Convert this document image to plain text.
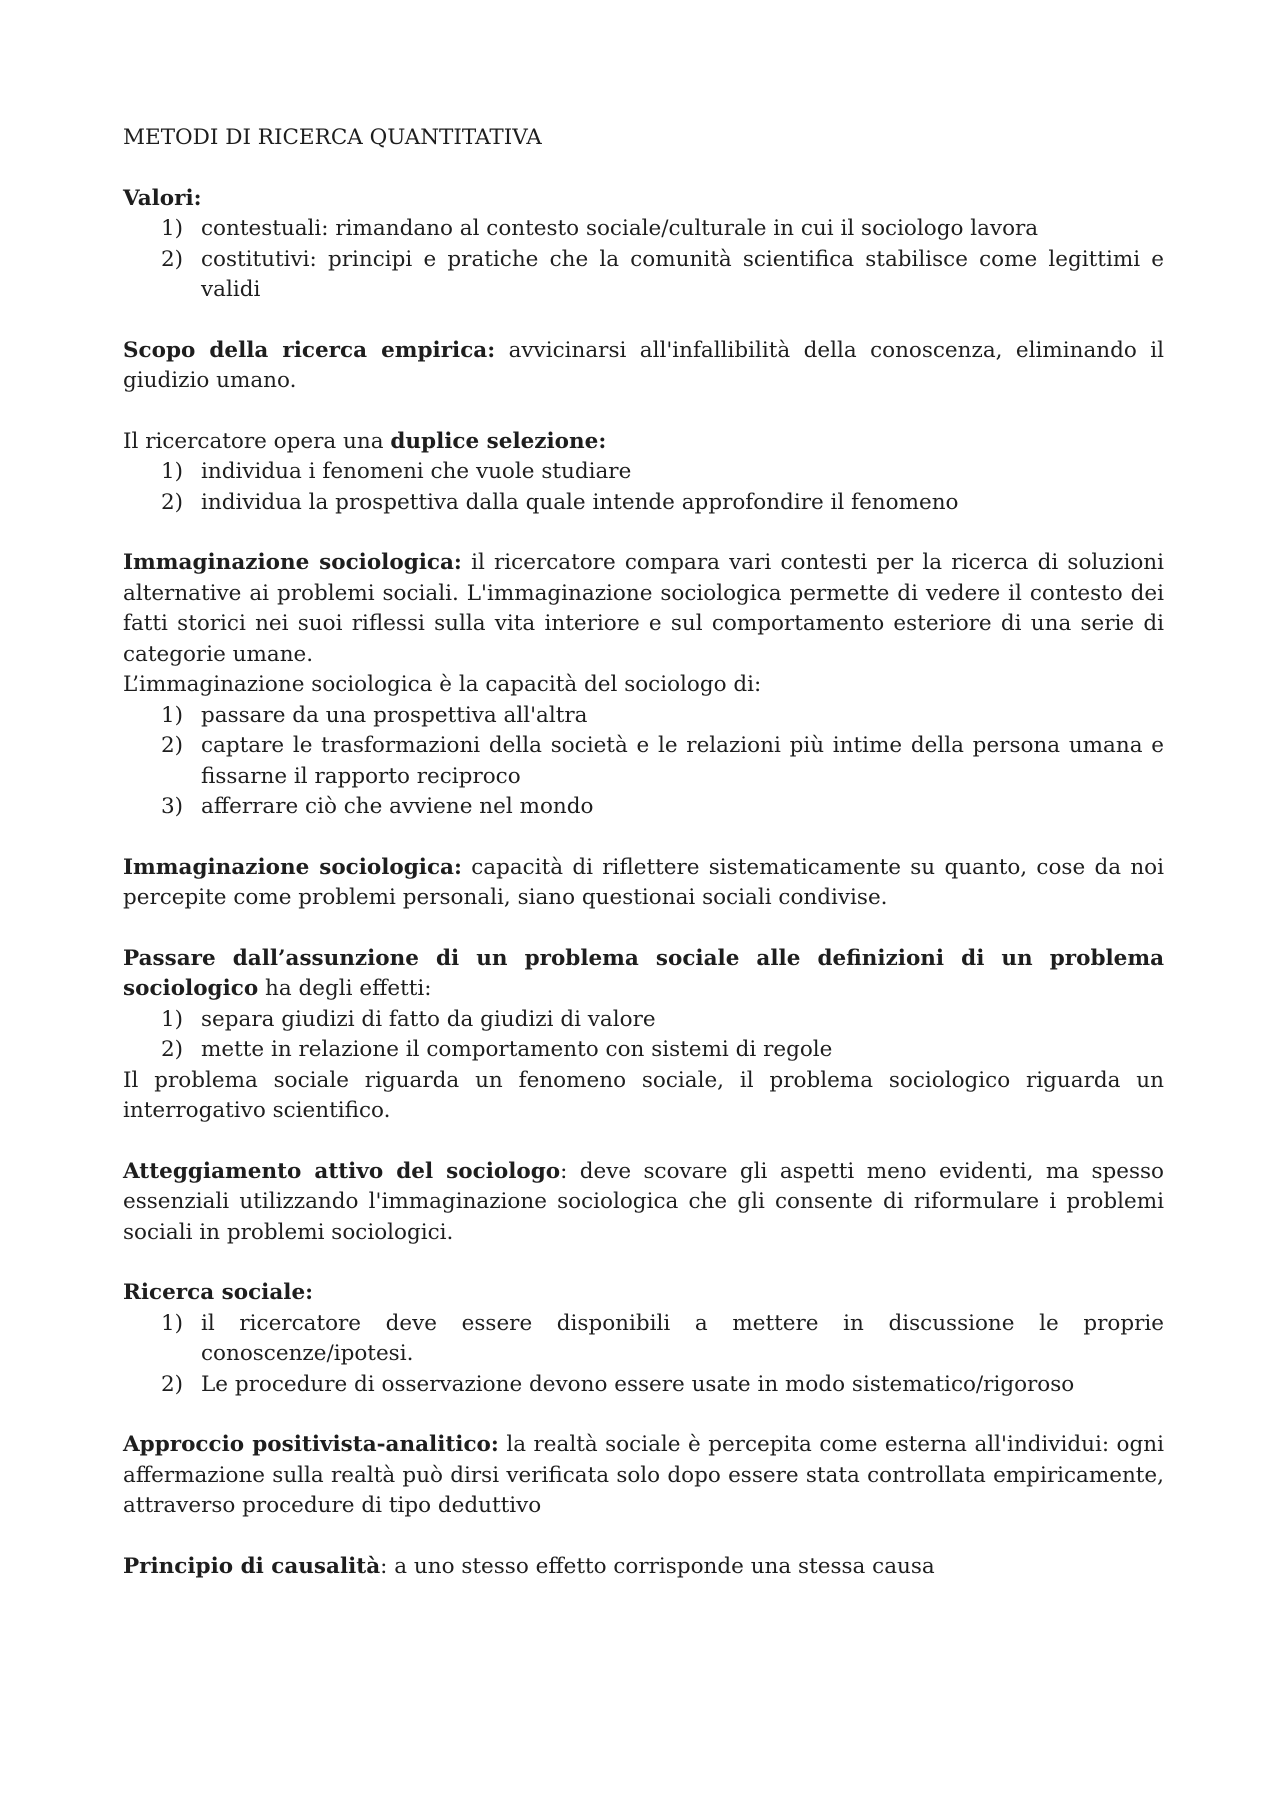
METODI DI RICERCA QUANTITATIVA

Valori:

1) contestuali: rimandano al contesto sociale/culturale in cui il sociologo lavora
2) costitutivi: principi e pratiche che la comunità scientifica stabilisce come legittimi e validi

Scopo della ricerca empirica: avvicinarsi all'infallibilità della conoscenza, eliminando il giudizio umano.

Il ricercatore opera una duplice selezione:

1) individua i fenomeni che vuole studiare
2) individua la prospettiva dalla quale intende approfondire il fenomeno

Immaginazione sociologica: il ricercatore compara vari contesti per la ricerca di soluzioni alternative ai problemi sociali. L'immaginazione sociologica permette di vedere il contesto dei fatti storici nei suoi riflessi sulla vita interiore e sul comportamento esteriore di una serie di categorie umane.

L’immaginazione sociologica è la capacità del sociologo di:

1) passare da una prospettiva all'altra
2) captare le trasformazioni della società e le relazioni più intime della persona umana e fissarne il rapporto reciproco
3) afferrare ciò che avviene nel mondo

Immaginazione sociologica: capacità di riflettere sistematicamente su quanto, cose da noi percepite come problemi personali, siano questionai sociali condivise.

Passare dall’assunzione di un problema sociale alle definizioni di un problema sociologico ha degli effetti:

1) separa giudizi di fatto da giudizi di valore
2) mette in relazione il comportamento con sistemi di regole

Il problema sociale riguarda un fenomeno sociale, il problema sociologico riguarda un interrogativo scientifico.

Atteggiamento attivo del sociologo: deve scovare gli aspetti meno evidenti, ma spesso essenziali utilizzando l'immaginazione sociologica che gli consente di riformulare i problemi sociali in problemi sociologici.

Ricerca sociale:

1) il ricercatore deve essere disponibili a mettere in discussione le proprie conoscenze/ipotesi.
2) Le procedure di osservazione devono essere usate in modo sistematico/rigoroso

Approccio positivista-analitico: la realtà sociale è percepita come esterna all'individui: ogni affermazione sulla realtà può dirsi verificata solo dopo essere stata controllata empiricamente, attraverso procedure di tipo deduttivo

Principio di causalità: a uno stesso effetto corrisponde una stessa causa
